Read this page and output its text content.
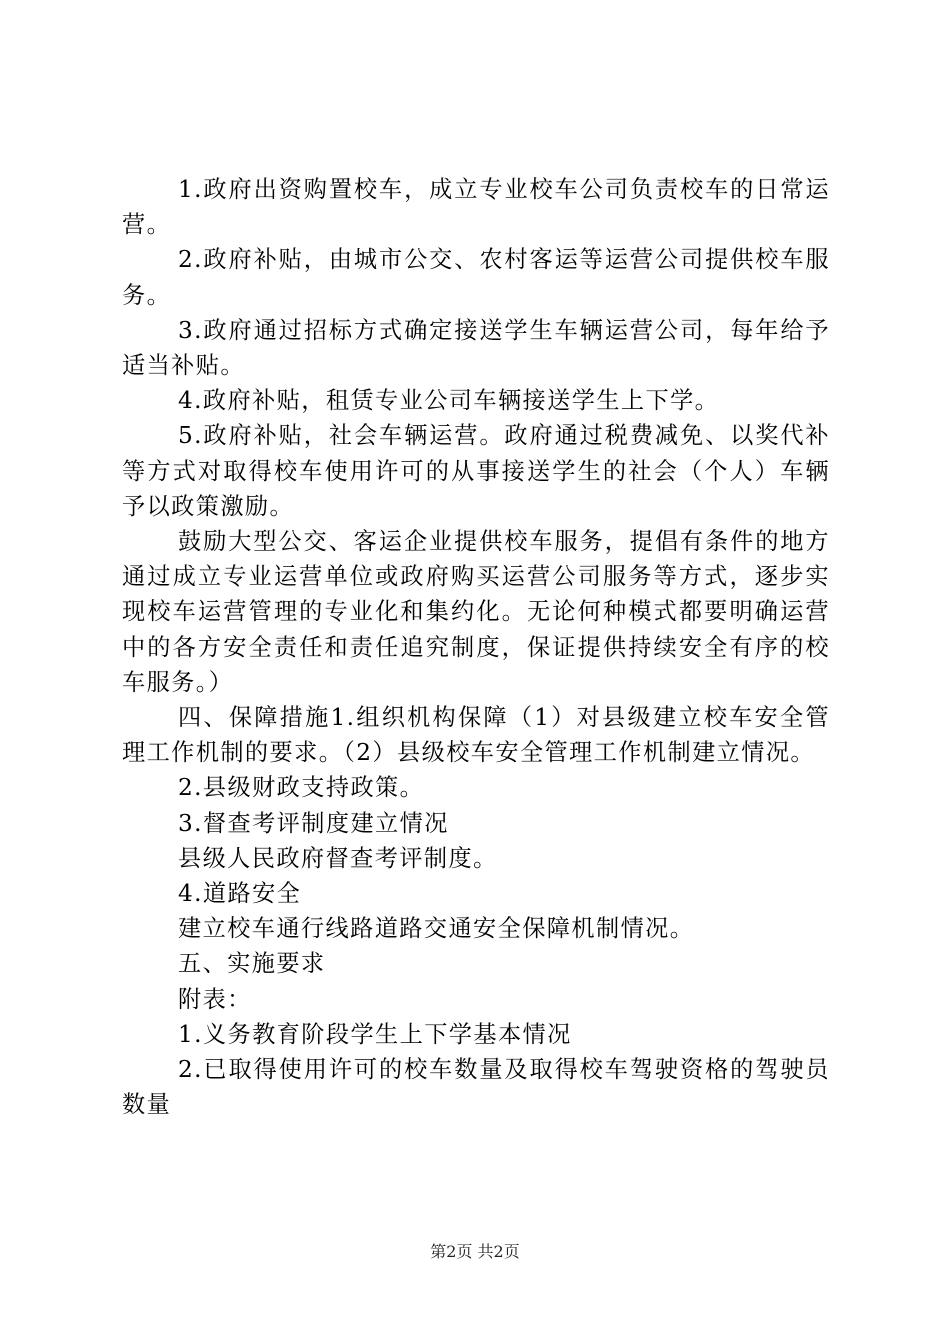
1.政府出资购置校车，成立专业校车公司负责校车的日常运营。

2.政府补贴，由城市公交、农村客运等运营公司提供校车服务。

3.政府通过招标方式确定接送学生车辆运营公司，每年给予适当补贴。

4.政府补贴，租赁专业公司车辆接送学生上下学。

5.政府补贴，社会车辆运营。政府通过税费减免、以奖代补等方式对取得校车使用许可的从事接送学生的社会（个人）车辆予以政策激励。

鼓励大型公交、客运企业提供校车服务，提倡有条件的地方通过成立专业运营单位或政府购买运营公司服务等方式，逐步实现校车运营管理的专业化和集约化。无论何种模式都要明确运营中的各方安全责任和责任追究制度，保证提供持续安全有序的校车服务。）

四、保障措施1.组织机构保障（1）对县级建立校车安全管理工作机制的要求。（2）县级校车安全管理工作机制建立情况。

2.县级财政支持政策。

3.督查考评制度建立情况

县级人民政府督查考评制度。

4.道路安全

建立校车通行线路道路交通安全保障机制情况。

五、实施要求

附表：

1.义务教育阶段学生上下学基本情况

2.已取得使用许可的校车数量及取得校车驾驶资格的驾驶员数量

第2页 共2页
